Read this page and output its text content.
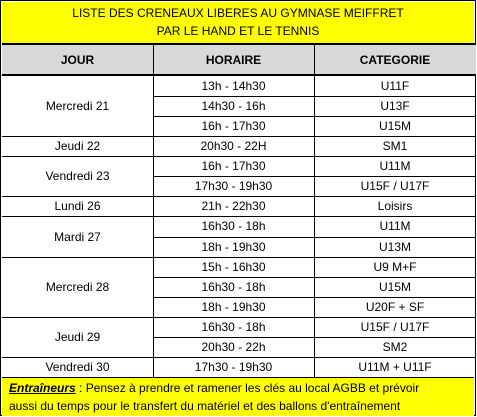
LISTE DES CRENEAUX LIBERES AU GYMNASE MEIFFRET
PAR LE HAND ET LE TENNIS
JOUR	HORAIRE	CATEGORIE
Mercredi 21
13h - 14h30	U11F
14h30 - 16h	U13F
16h - 17h30	U15M
Jeudi 22	20h30 - 22H	SM1
Vendredi 23
16h - 17h30	U11M
17h30 - 19h30	U15F / U17F
Lundi 26	21h - 22h30	Loisirs
Mardi 27
16h30 - 18h	U11M
18h - 19h30	U13M
Mercredi 28
15h - 16h30	U9 M+F
16h30 - 18h	U15M
18h - 19h30	U20F + SF
Jeudi 29
16h30 - 18h	U15F / U17F
20h30 - 22h	SM2
Vendredi 30	17h30 - 19h30	U11M + U11F
Entraîneurs : Pensez à prendre et ramener les clés au local AGBB et prévoir
aussi du temps pour le transfert du matériel et des ballons d'entraînement
